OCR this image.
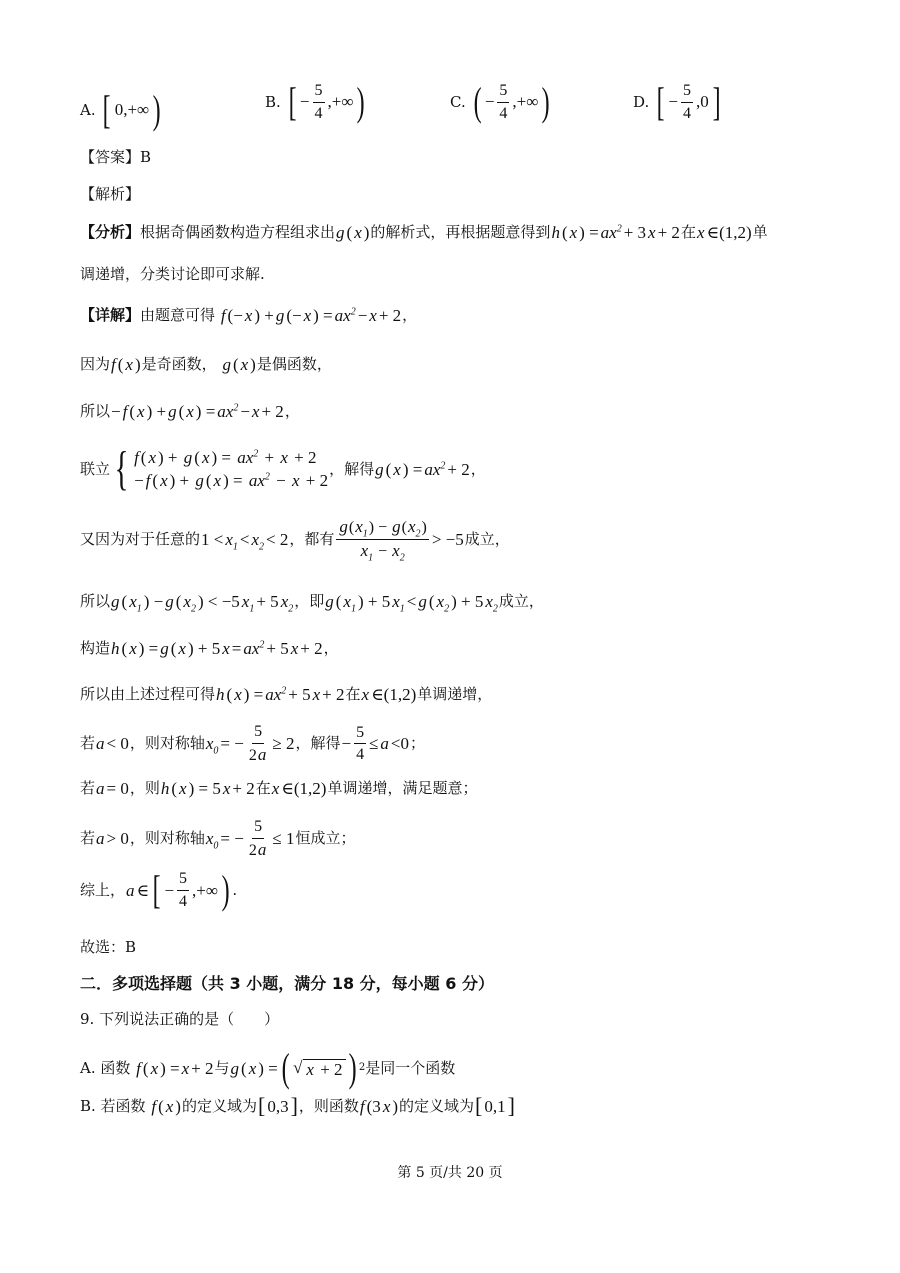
A.
[ 0,+∞ )	B.
[ − $\frac{5}{4}$ ,+∞ )	C.
( − $\frac{5}{4}$ ,+∞ )	D.
[ − $\frac{5}{4} ,0$ ]
【答案】B
【解析】
【分析】 根据奇偶函数构造方程组求出 g ( x ) 的解析式，再根据题意得到 h ( x ) = $ax^2 + 3$ x + 2 在 x ∈(1,2) 单
调递增，分类讨论即可求解.
【详解】 由题意可得
f (− x ) + g (− x ) = $ax^2 - x + 2$ ，
因为 f ( x ) 是奇函数，
g ( x ) 是偶函数，
所以 − f ( x ) + g ( x ) = $ax^2 - x + 2$ ，
联立 { f ( x ) + g ( x ) = $ax^2 + x + 2$
− f ( x ) + g ( x ) = $ax^2 - x + 2$
，解得 g ( x ) = $ax^2 + 2$ ，
又因为对于任意的 $1 < x_1 < x_2 < 2$ ，都有 $\frac{g(x_1) - g(x_2)}{x_1 - x_2} > -5$ 成立，
所以 g ( $x_1$ ) − g ( $x_2$ ) < −5 $x_1 + 5$ $x_2$ ，即 g ( $x_1$ ) + 5 $x_1 < g$ ( $x_2$ ) + 5 $x_2$ 成立，
构造 h ( x ) = g ( x ) + 5 $x = ax^2 + 5$ x + 2 ，
所以由上述过程可得 h ( x ) = $ax^2 + 5$ x + 2 在 x ∈(1,2) 单调递增，
若 a < 0 ，则对称轴 $x_0$ = − $\frac{5}{2a} \ge 2$ ，解得 − $\frac{5}{4} \le a <0$ ；
若 a = 0 ，则 h ( x ) = 5 x + 2 在 x ∈(1,2) 单调递增，满足题意；
若 a > 0 ，则对称轴 $x_0$ = − $\frac{5}{2a} \le 1$ 恒成立；
综上， a ∈ [ − $\frac{5}{4}$ ,+∞ ) .
故选：B
二．多项选择题（共 3 小题，满分 18 分，每小题 6 分）
9. 下列说法正确的是（　　）
A. 函数
f ( x ) = x + 2 与 g ( x ) = ( √ x + 2 ) 2 是同一个函数
B. 若函数
f ( x ) 的定义域为 [ 0,3 ] ，则函数 f (3 x ) 的定义域为 [ 0,1 ]
第 5 页/共 20 页
